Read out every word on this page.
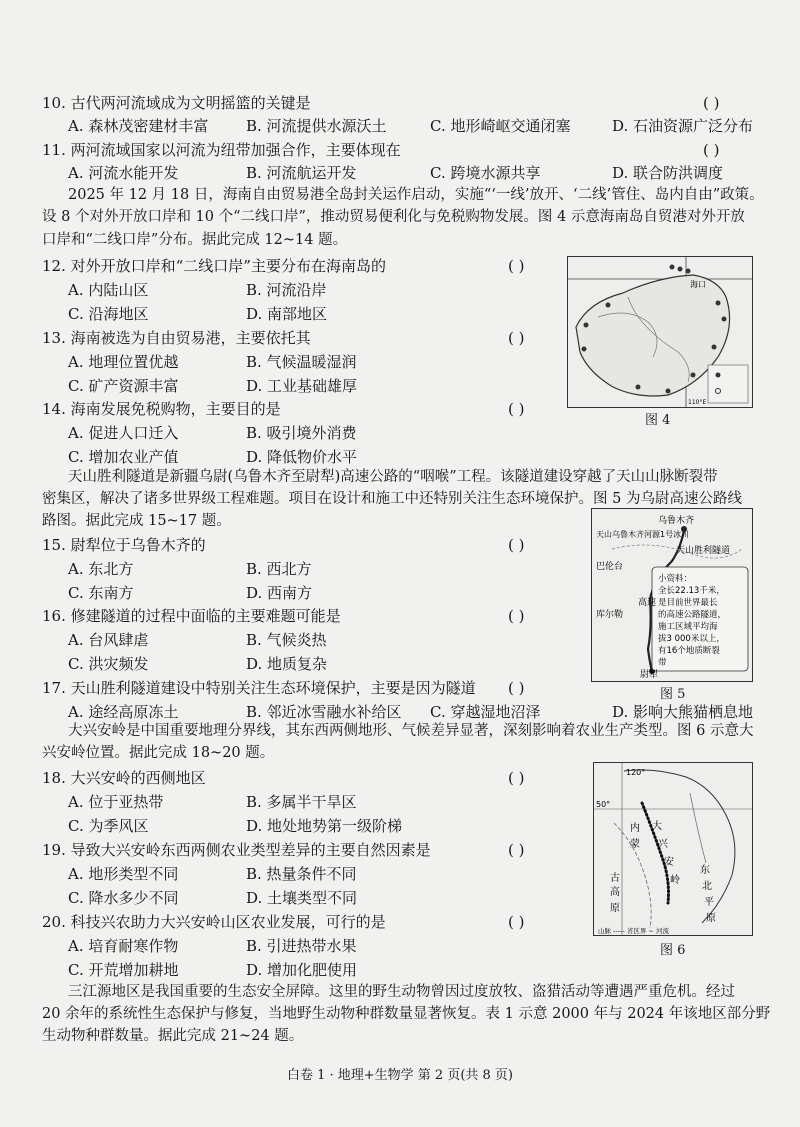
10. 古代两河流域成为文明摇篮的关键是	( )
A. 森林茂密建材丰富	B. 河流提供水源沃土	C. 地形崎岖交通闭塞	D. 石油资源广泛分布
11. 两河流域国家以河流为纽带加强合作，主要体现在	( )
A. 河流水能开发	B. 河流航运开发	C. 跨境水源共享	D. 联合防洪调度
2025 年 12 月 18 日，海南自由贸易港全岛封关运作启动，实施“‘一线’放开、‘二线’管住、岛内自由”政策。
设 8 个对外开放口岸和 10 个“二线口岸”，推动贸易便利化与免税购物发展。图 4 示意海南岛自贸港对外开放
口岸和“二线口岸”分布。据此完成 12~14 题。
12. 对外开放口岸和“二线口岸”主要分布在海南岛的	( )
A. 内陆山区	B. 河流沿岸
C. 沿海地区	D. 南部地区
13. 海南被选为自由贸易港，主要依托其	( )
A. 地理位置优越	B. 气候温暖湿润
C. 矿产资源丰富	D. 工业基础雄厚
14. 海南发展免税购物，主要目的是	( )
A. 促进人口迁入	B. 吸引境外消费
C. 增加农业产值	D. 降低物价水平
海口
110°E
图 4
天山胜利隧道是新疆乌尉(乌鲁木齐至尉犁)高速公路的“咽喉”工程。该隧道建设穿越了天山山脉断裂带
密集区，解决了诸多世界级工程难题。项目在设计和施工中还特别关注生态环境保护。图 5 为乌尉高速公路线
路图。据此完成 15~17 题。
15. 尉犁位于乌鲁木齐的	( )
A. 东北方	B. 西北方
C. 东南方	D. 西南方
16. 修建隧道的过程中面临的主要难题可能是	( )
A. 台风肆虐	B. 气候炎热
C. 洪灾频发	D. 地质复杂
17. 天山胜利隧道建设中特别关注生态环境保护，主要是因为隧道 ( )
A. 途经高原冻土	B. 邻近冰雪融水补给区 C. 穿越湿地沼泽	D. 影响大熊猫栖息地
乌鲁木齐
天山乌鲁木齐河源1号冰川
天山胜利隧道
巴伦台
高速
库尔勒
尉犁
小资料： 全长22.13千米， 是目前世界最长 的高速公路隧道， 施工区域平均海 拔3 000米以上， 有16个地质断裂 带
图 5
大兴安岭是中国重要地理分界线，其东西两侧地形、气候差异显著，深刻影响着农业生产类型。图 6 示意大
兴安岭位置。据此完成 18~20 题。
18. 大兴安岭的西侧地区	( )
A. 位于亚热带	B. 多属半干旱区
C. 为季风区	D. 地处地势第一级阶梯
19. 导致大兴安岭东西两侧农业类型差异的主要自然因素是	( )
A. 地形类型不同	B. 热量条件不同
C. 降水多少不同	D. 土壤类型不同
20. 科技兴农助力大兴安岭山区农业发展，可行的是	( )
A. 培育耐寒作物	B. 引进热带水果
C. 开荒增加耕地	D. 增加化肥使用
120°
50°
内
蒙
古
高
原
大
兴
安
岭
东
北
平
原
山脉 ----- 省区界 ~ 河流
图 6
三江源地区是我国重要的生态安全屏障。这里的野生动物曾因过度放牧、盗猎活动等遭遇严重危机。经过
20 余年的系统性生态保护与修复，当地野生动物种群数量显著恢复。表 1 示意 2000 年与 2024 年该地区部分野
生动物种群数量。据此完成 21~24 题。
白卷 1 · 地理+生物学 第 2 页(共 8 页)
